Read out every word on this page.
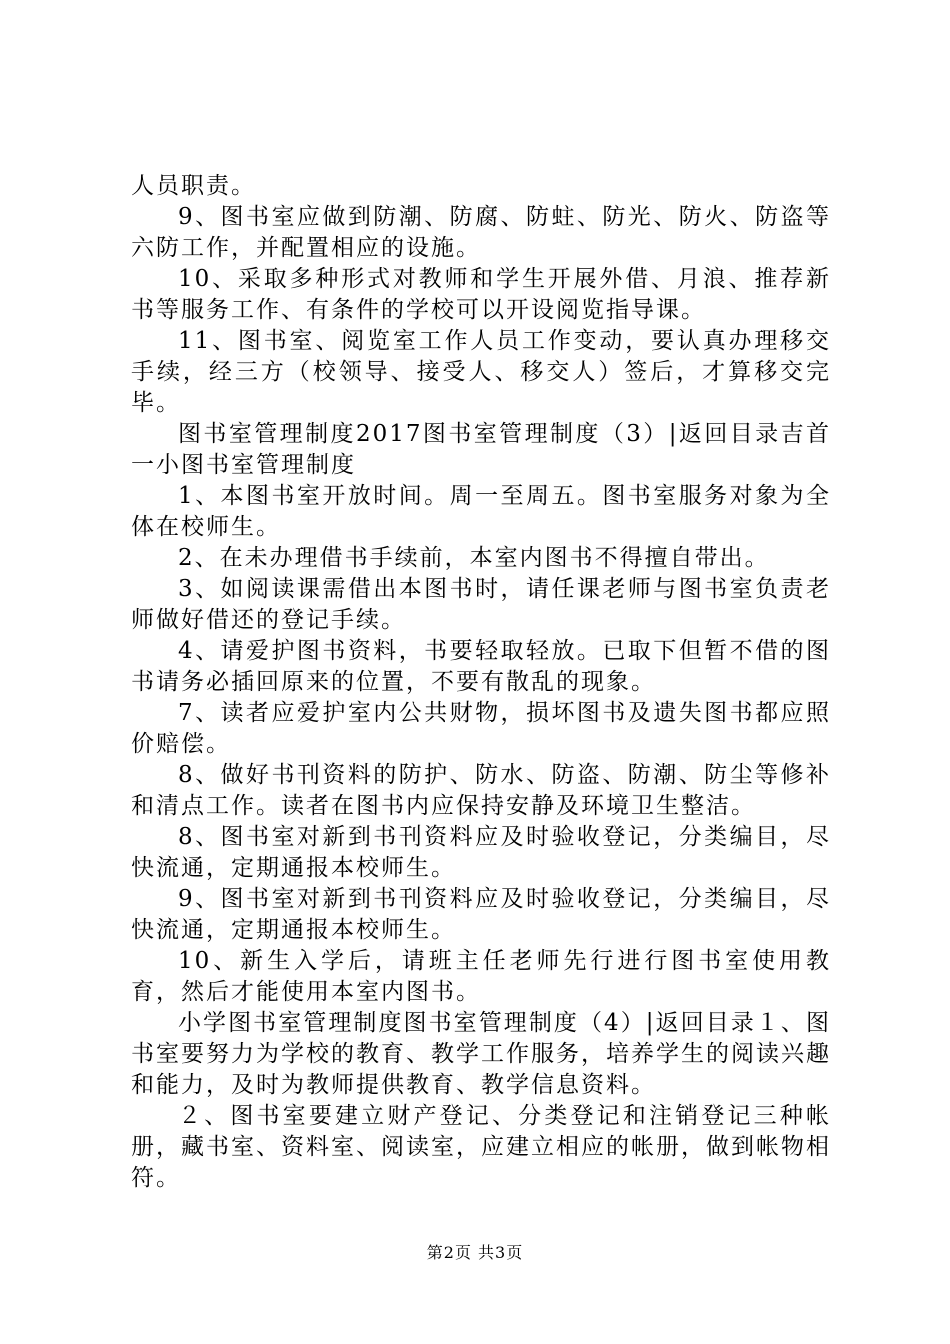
人员职责。

9、图书室应做到防潮、防腐、防蛀、防光、防火、防盗等六防工作，并配置相应的设施。

10、采取多种形式对教师和学生开展外借、月浪、推荐新书等服务工作、有条件的学校可以开设阅览指导课。

11、图书室、阅览室工作人员工作变动，要认真办理移交手续，经三方（校领导、接受人、移交人）签后，才算移交完毕。

图书室管理制度2017图书室管理制度（3）|返回目录吉首一小图书室管理制度

1、本图书室开放时间。周一至周五。图书室服务对象为全体在校师生。

2、在未办理借书手续前，本室内图书不得擅自带出。

3、如阅读课需借出本图书时，请任课老师与图书室负责老师做好借还的登记手续。

4、请爱护图书资料，书要轻取轻放。已取下但暂不借的图书请务必插回原来的位置，不要有散乱的现象。

7、读者应爱护室内公共财物，损坏图书及遗失图书都应照价赔偿。

8、做好书刊资料的防护、防水、防盗、防潮、防尘等修补和清点工作。读者在图书内应保持安静及环境卫生整洁。

8、图书室对新到书刊资料应及时验收登记，分类编目，尽快流通，定期通报本校师生。

9、图书室对新到书刊资料应及时验收登记，分类编目，尽快流通，定期通报本校师生。

10、新生入学后，请班主任老师先行进行图书室使用教育，然后才能使用本室内图书。

小学图书室管理制度图书室管理制度（4）|返回目录１、图书室要努力为学校的教育、教学工作服务，培养学生的阅读兴趣和能力，及时为教师提供教育、教学信息资料。

２、图书室要建立财产登记、分类登记和注销登记三种帐册，藏书室、资料室、阅读室，应建立相应的帐册，做到帐物相符。

第2页 共3页
